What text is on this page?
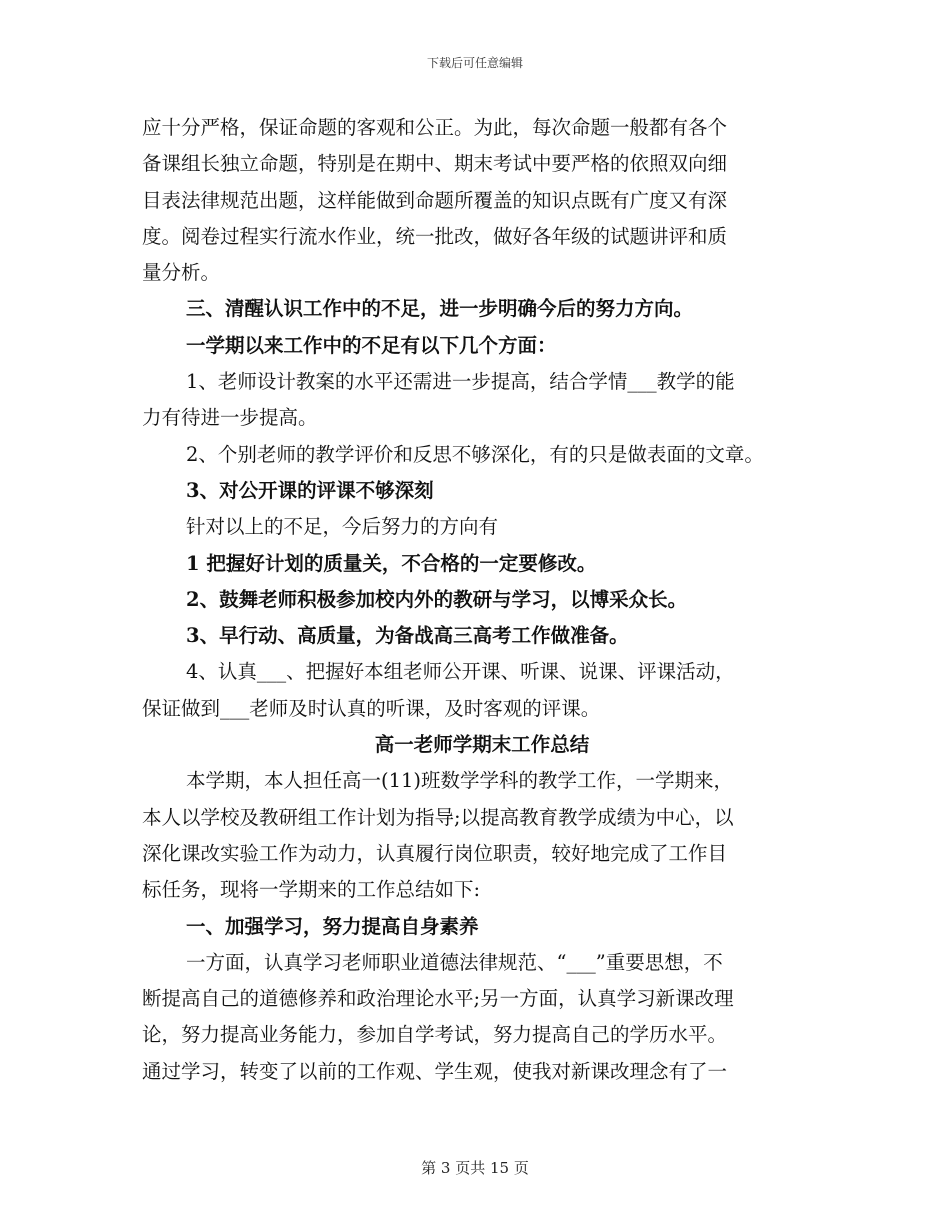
下载后可任意编辑
应十分严格，保证命题的客观和公正。为此，每次命题一般都有各个
备课组长独立命题，特别是在期中、期末考试中要严格的依照双向细
目表法律规范出题，这样能做到命题所覆盖的知识点既有广度又有深
度。阅卷过程实行流水作业，统一批改，做好各年级的试题讲评和质
量分析。
三、清醒认识工作中的不足，进一步明确今后的努力方向。
一学期以来工作中的不足有以下几个方面：
1、老师设计教案的水平还需进一步提高，结合学情___教学的能
力有待进一步提高。
2、个别老师的教学评价和反思不够深化，有的只是做表面的文章。
3、对公开课的评课不够深刻
针对以上的不足，今后努力的方向有
1 把握好计划的质量关，不合格的一定要修改。
2、鼓舞老师积极参加校内外的教研与学习，以博采众长。
3、早行动、高质量，为备战高三高考工作做准备。
4、认真___、把握好本组老师公开课、听课、说课、评课活动，
保证做到___老师及时认真的听课，及时客观的评课。
高一老师学期末工作总结
本学期，本人担任高一(11)班数学学科的教学工作，一学期来，
本人以学校及教研组工作计划为指导;以提高教育教学成绩为中心，以
深化课改实验工作为动力，认真履行岗位职责，较好地完成了工作目
标任务，现将一学期来的工作总结如下:
一、加强学习，努力提高自身素养
一方面，认真学习老师职业道德法律规范、“___”重要思想，不
断提高自己的道德修养和政治理论水平;另一方面，认真学习新课改理
论，努力提高业务能力，参加自学考试，努力提高自己的学历水平。
通过学习，转变了以前的工作观、学生观，使我对新课改理念有了一
第 3 页共 15 页
